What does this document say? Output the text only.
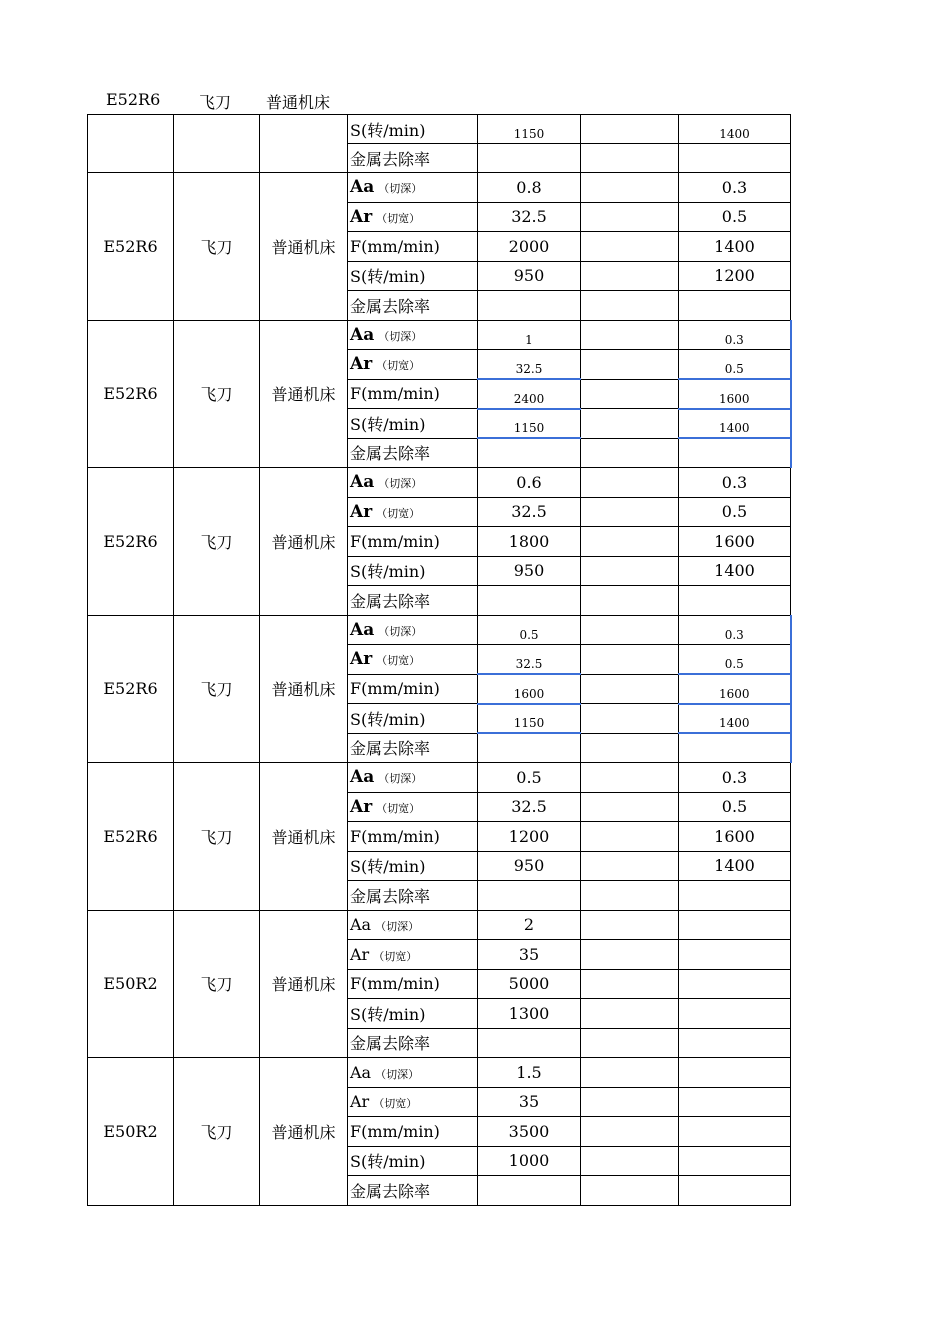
E52R6 飞刀 普通机床
			S(转/min)	1150		1400
			金属去除率			
E52R6	飞刀	普通机床	Aa （切深）	0.8		0.3
			Ar （切宽）	32.5		0.5
			F(mm/min)	2000		1400
			S(转/min)	950		1200
			金属去除率			
E52R6	飞刀	普通机床	Aa （切深）	1		0.3
			Ar （切宽）	32.5		0.5
			F(mm/min)	2400		1600
			S(转/min)	1150		1400
			金属去除率			
E52R6	飞刀	普通机床	Aa （切深）	0.6		0.3
			Ar （切宽）	32.5		0.5
			F(mm/min)	1800		1600
			S(转/min)	950		1400
			金属去除率			
E52R6	飞刀	普通机床	Aa （切深）	0.5		0.3
			Ar （切宽）	32.5		0.5
			F(mm/min)	1600		1600
			S(转/min)	1150		1400
			金属去除率			
E52R6	飞刀	普通机床	Aa （切深）	0.5		0.3
			Ar （切宽）	32.5		0.5
			F(mm/min)	1200		1600
			S(转/min)	950		1400
			金属去除率			
E50R2	飞刀	普通机床	Aa （切深）	2		
			Ar （切宽）	35		
			F(mm/min)	5000		
			S(转/min)	1300		
			金属去除率			
E50R2	飞刀	普通机床	Aa （切深）	1.5		
			Ar （切宽）	35		
			F(mm/min)	3500		
			S(转/min)	1000		
			金属去除率			
